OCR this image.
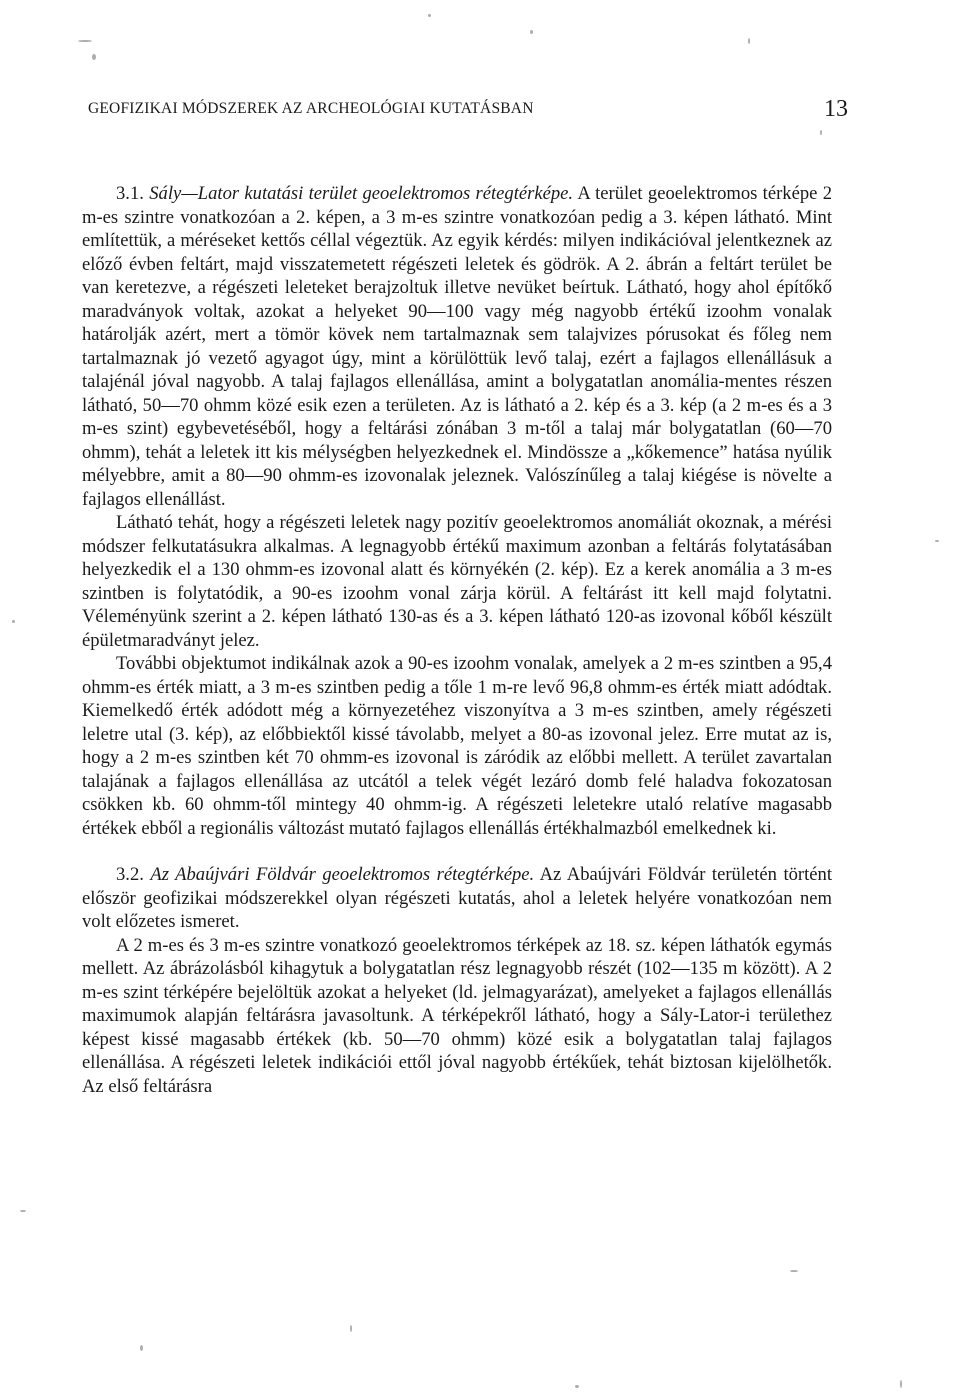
GEOFIZIKAI MÓDSZEREK AZ ARCHEOLÓGIAI KUTATÁSBAN	13

3.1. Sály—Lator kutatási terület geoelektromos rétegtérképe. A terület geoelektromos térképe 2 m-es szintre vonatkozóan a 2. képen, a 3 m-es szintre vonatkozóan pedig a 3. képen látható. Mint említettük, a méréseket kettős céllal végeztük. Az egyik kérdés: milyen indikációval jelentkeznek az előző évben feltárt, majd visszatemetett régészeti leletek és gödrök. A 2. ábrán a feltárt terület be van keretezve, a régészeti leleteket berajzoltuk illetve nevüket beírtuk. Látható, hogy ahol építőkő maradványok voltak, azokat a helyeket 90—100 vagy még nagyobb értékű izoohm vonalak határolják azért, mert a tömör kövek nem tartalmaznak sem talajvizes pórusokat és főleg nem tartalmaznak jó vezető agyagot úgy, mint a körülöttük levő talaj, ezért a fajlagos ellenállásuk a talajénál jóval nagyobb. A talaj fajlagos ellenállása, amint a bolygatatlan anomália-mentes részen látható, 50—70 ohmm közé esik ezen a területen. Az is látható a 2. kép és a 3. kép (a 2 m-es és a 3 m-es szint) egybevetéséből, hogy a feltárási zónában 3 m-től a talaj már bolygatatlan (60—70 ohmm), tehát a leletek itt kis mélységben helyezkednek el. Mindössze a „kőkemence” hatása nyúlik mélyebbre, amit a 80—90 ohmm-es izovonalak jeleznek. Valószínűleg a talaj kiégése is növelte a fajlagos ellenállást.

Látható tehát, hogy a régészeti leletek nagy pozitív geoelektromos anomáliát okoznak, a mérési módszer felkutatásukra alkalmas. A legnagyobb értékű maximum azonban a feltárás folytatásában helyezkedik el a 130 ohmm-es izovonal alatt és környékén (2. kép). Ez a kerek anomália a 3 m-es szintben is folytatódik, a 90-es izoohm vonal zárja körül. A feltárást itt kell majd folytatni. Véleményünk szerint a 2. képen látható 130-as és a 3. képen látható 120-as izovonal kőből készült épületmaradványt jelez.

További objektumot indikálnak azok a 90-es izoohm vonalak, amelyek a 2 m-es szintben a 95,4 ohmm-es érték miatt, a 3 m-es szintben pedig a tőle 1 m-re levő 96,8 ohmm-es érték miatt adódtak. Kiemelkedő érték adódott még a környezetéhez viszonyítva a 3 m-es szintben, amely régészeti leletre utal (3. kép), az előbbiektől kissé távolabb, melyet a 80-as izovonal jelez. Erre mutat az is, hogy a 2 m-es szintben két 70 ohmm-es izovonal is záródik az előbbi mellett. A terület zavartalan talajának a fajlagos ellenállása az utcától a telek végét lezáró domb felé haladva fokozatosan csökken kb. 60 ohmm-től mintegy 40 ohmm-ig. A régészeti leletekre utaló relatíve magasabb értékek ebből a regionális változást mutató fajlagos ellenállás értékhalmazból emelkednek ki.

3.2. Az Abaújvári Földvár geoelektromos rétegtérképe. Az Abaújvári Földvár területén történt először geofizikai módszerekkel olyan régészeti kutatás, ahol a leletek helyére vonatkozóan nem volt előzetes ismeret.

A 2 m-es és 3 m-es szintre vonatkozó geoelektromos térképek az 18. sz. képen láthatók egymás mellett. Az ábrázolásból kihagytuk a bolygatatlan rész legnagyobb részét (102—135 m között). A 2 m-es szint térképére bejelöltük azokat a helyeket (ld. jelmagyarázat), amelyeket a fajlagos ellenállás maximumok alapján feltárásra javasoltunk. A térképekről látható, hogy a Sály-Lator-i területhez képest kissé magasabb értékek (kb. 50—70 ohmm) közé esik a bolygatatlan talaj fajlagos ellenállása. A régészeti leletek indikációi ettől jóval nagyobb értékűek, tehát biztosan kijelölhetők. Az első feltárásra
